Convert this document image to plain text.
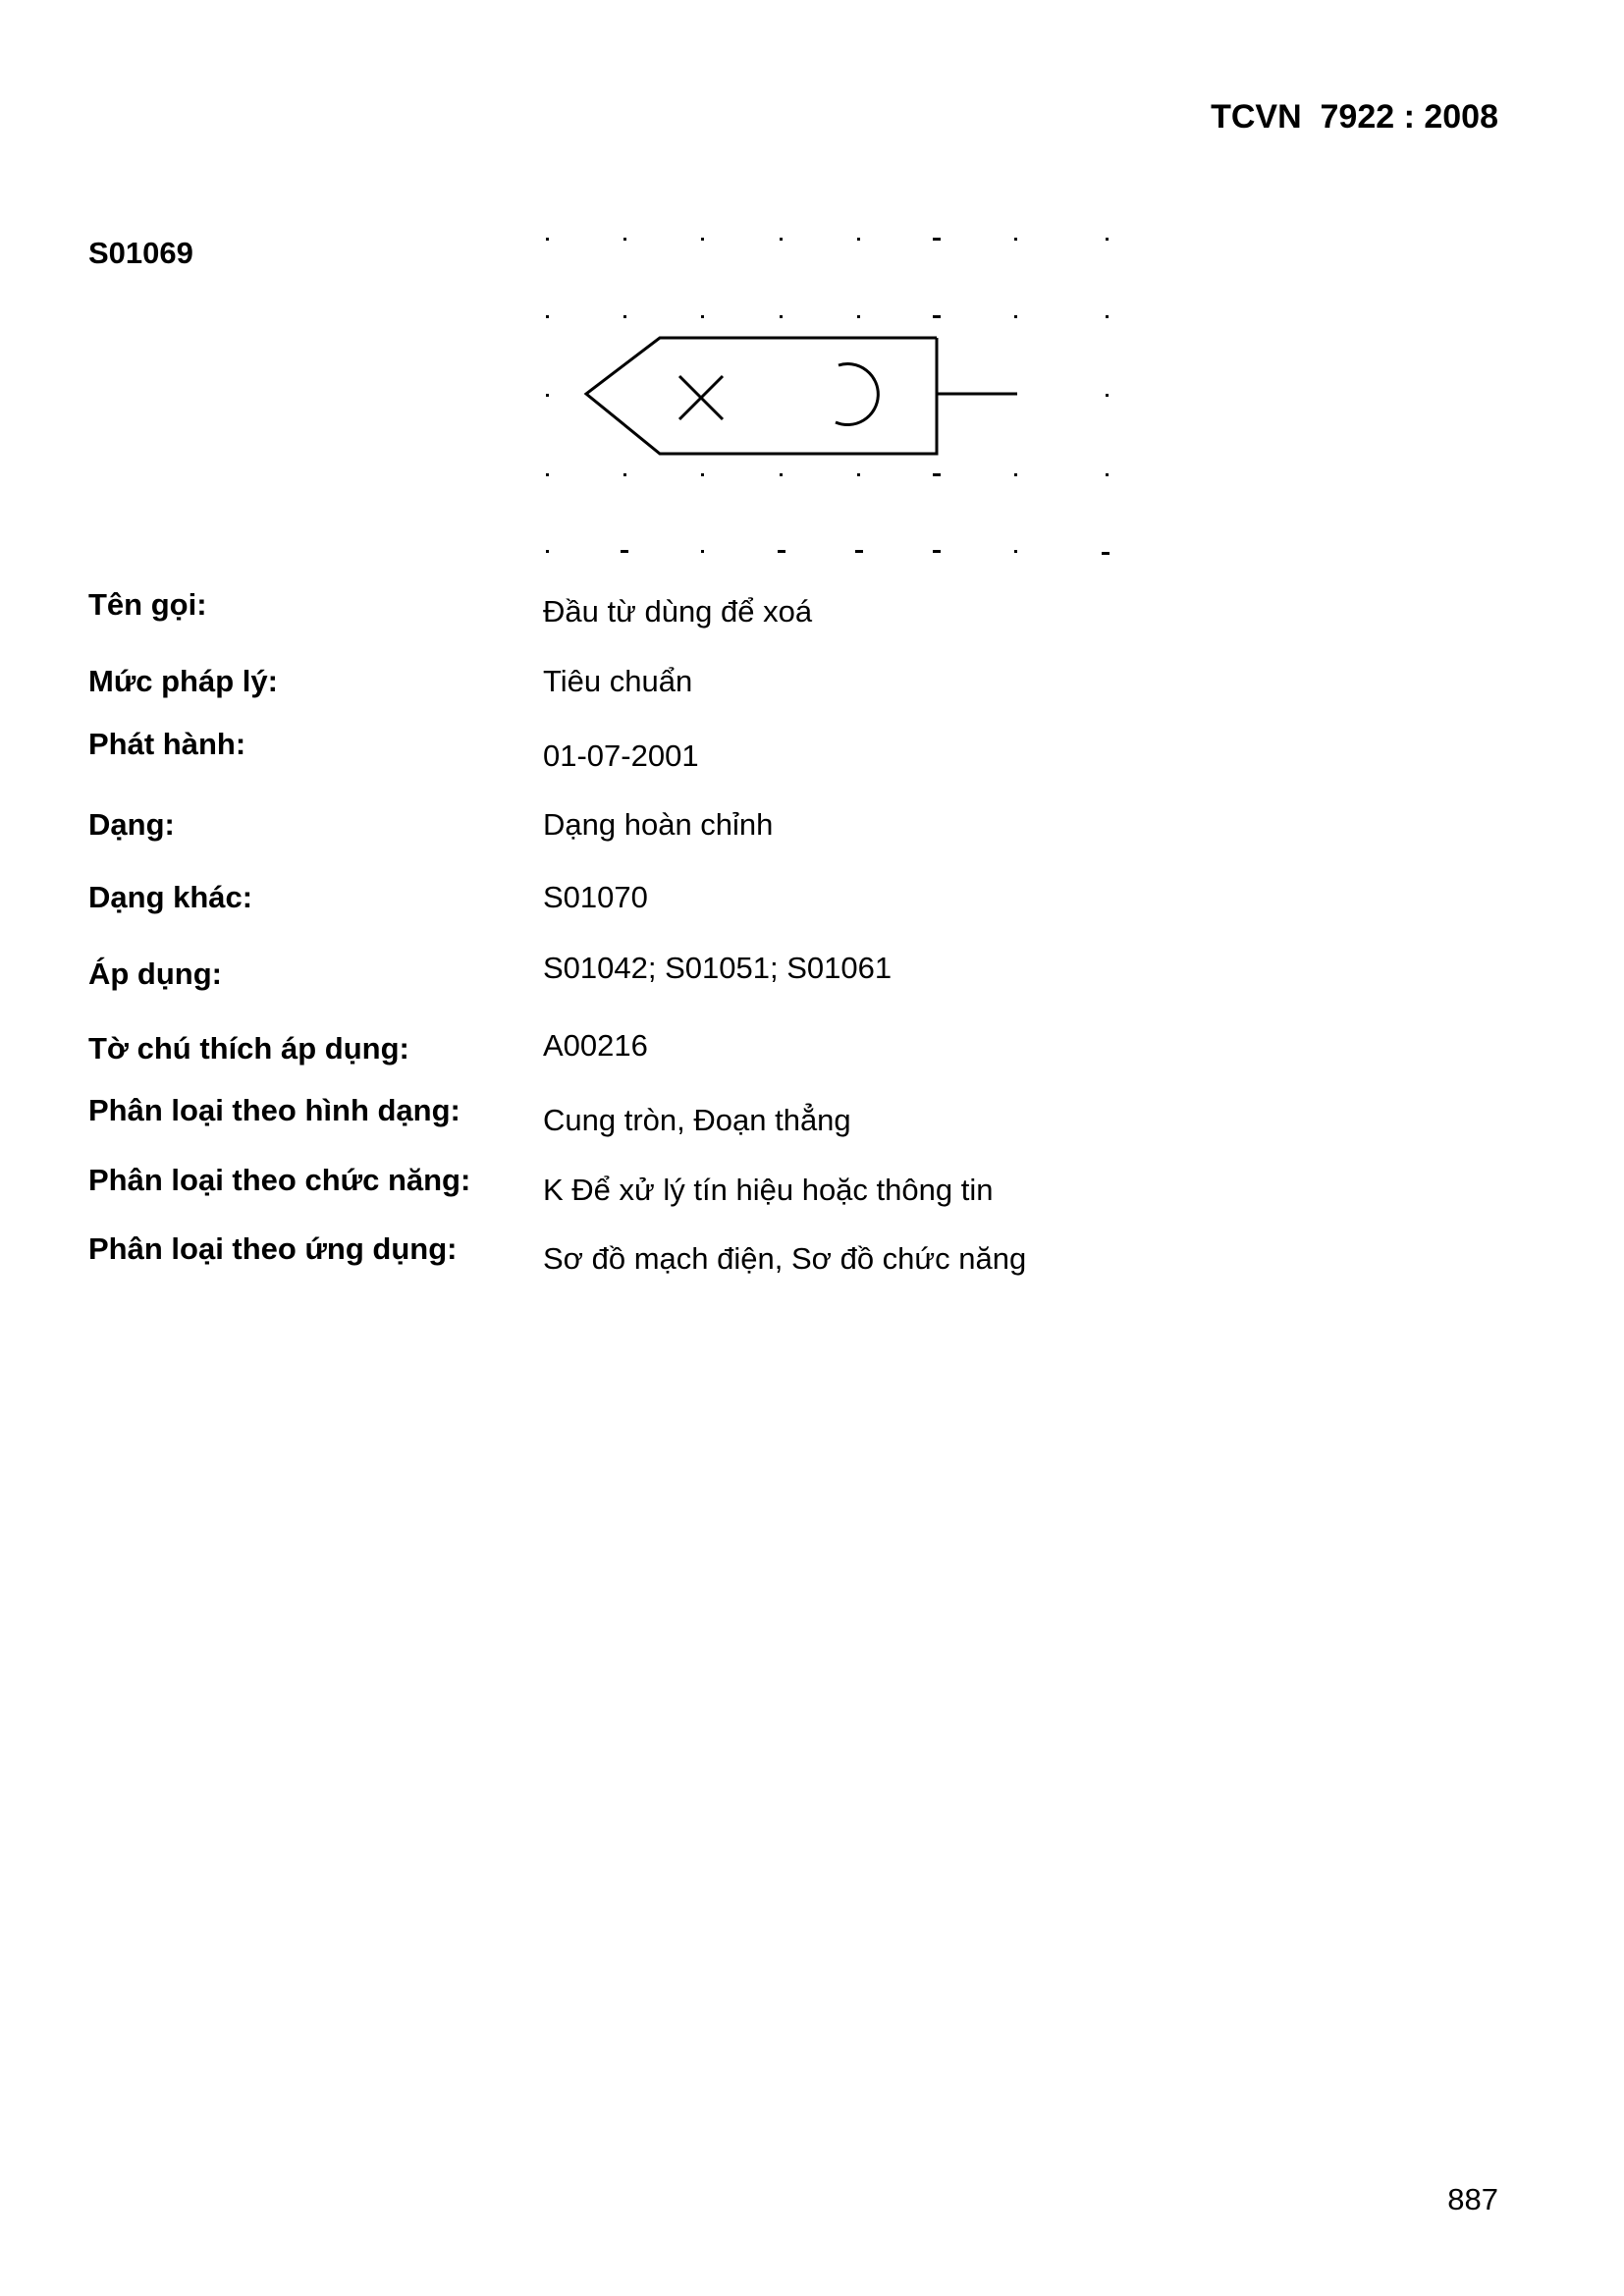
TCVN  7922 : 2008
S01069
Tên gọi:	Đầu từ dùng để xoá
Mức pháp lý:	Tiêu chuẩn
Phát hành:	01-07-2001
Dạng:	Dạng hoàn chỉnh
Dạng khác:	S01070
Áp dụng:	S01042; S01051; S01061
Tờ chú thích áp dụng:	A00216
Phân loại theo hình dạng:	Cung tròn, Đoạn thẳng
Phân loại theo chức năng: K Để xử lý tín hiệu hoặc thông tin
Phân loại theo ứng dụng:	Sơ đồ mạch điện, Sơ đồ chức năng
887
